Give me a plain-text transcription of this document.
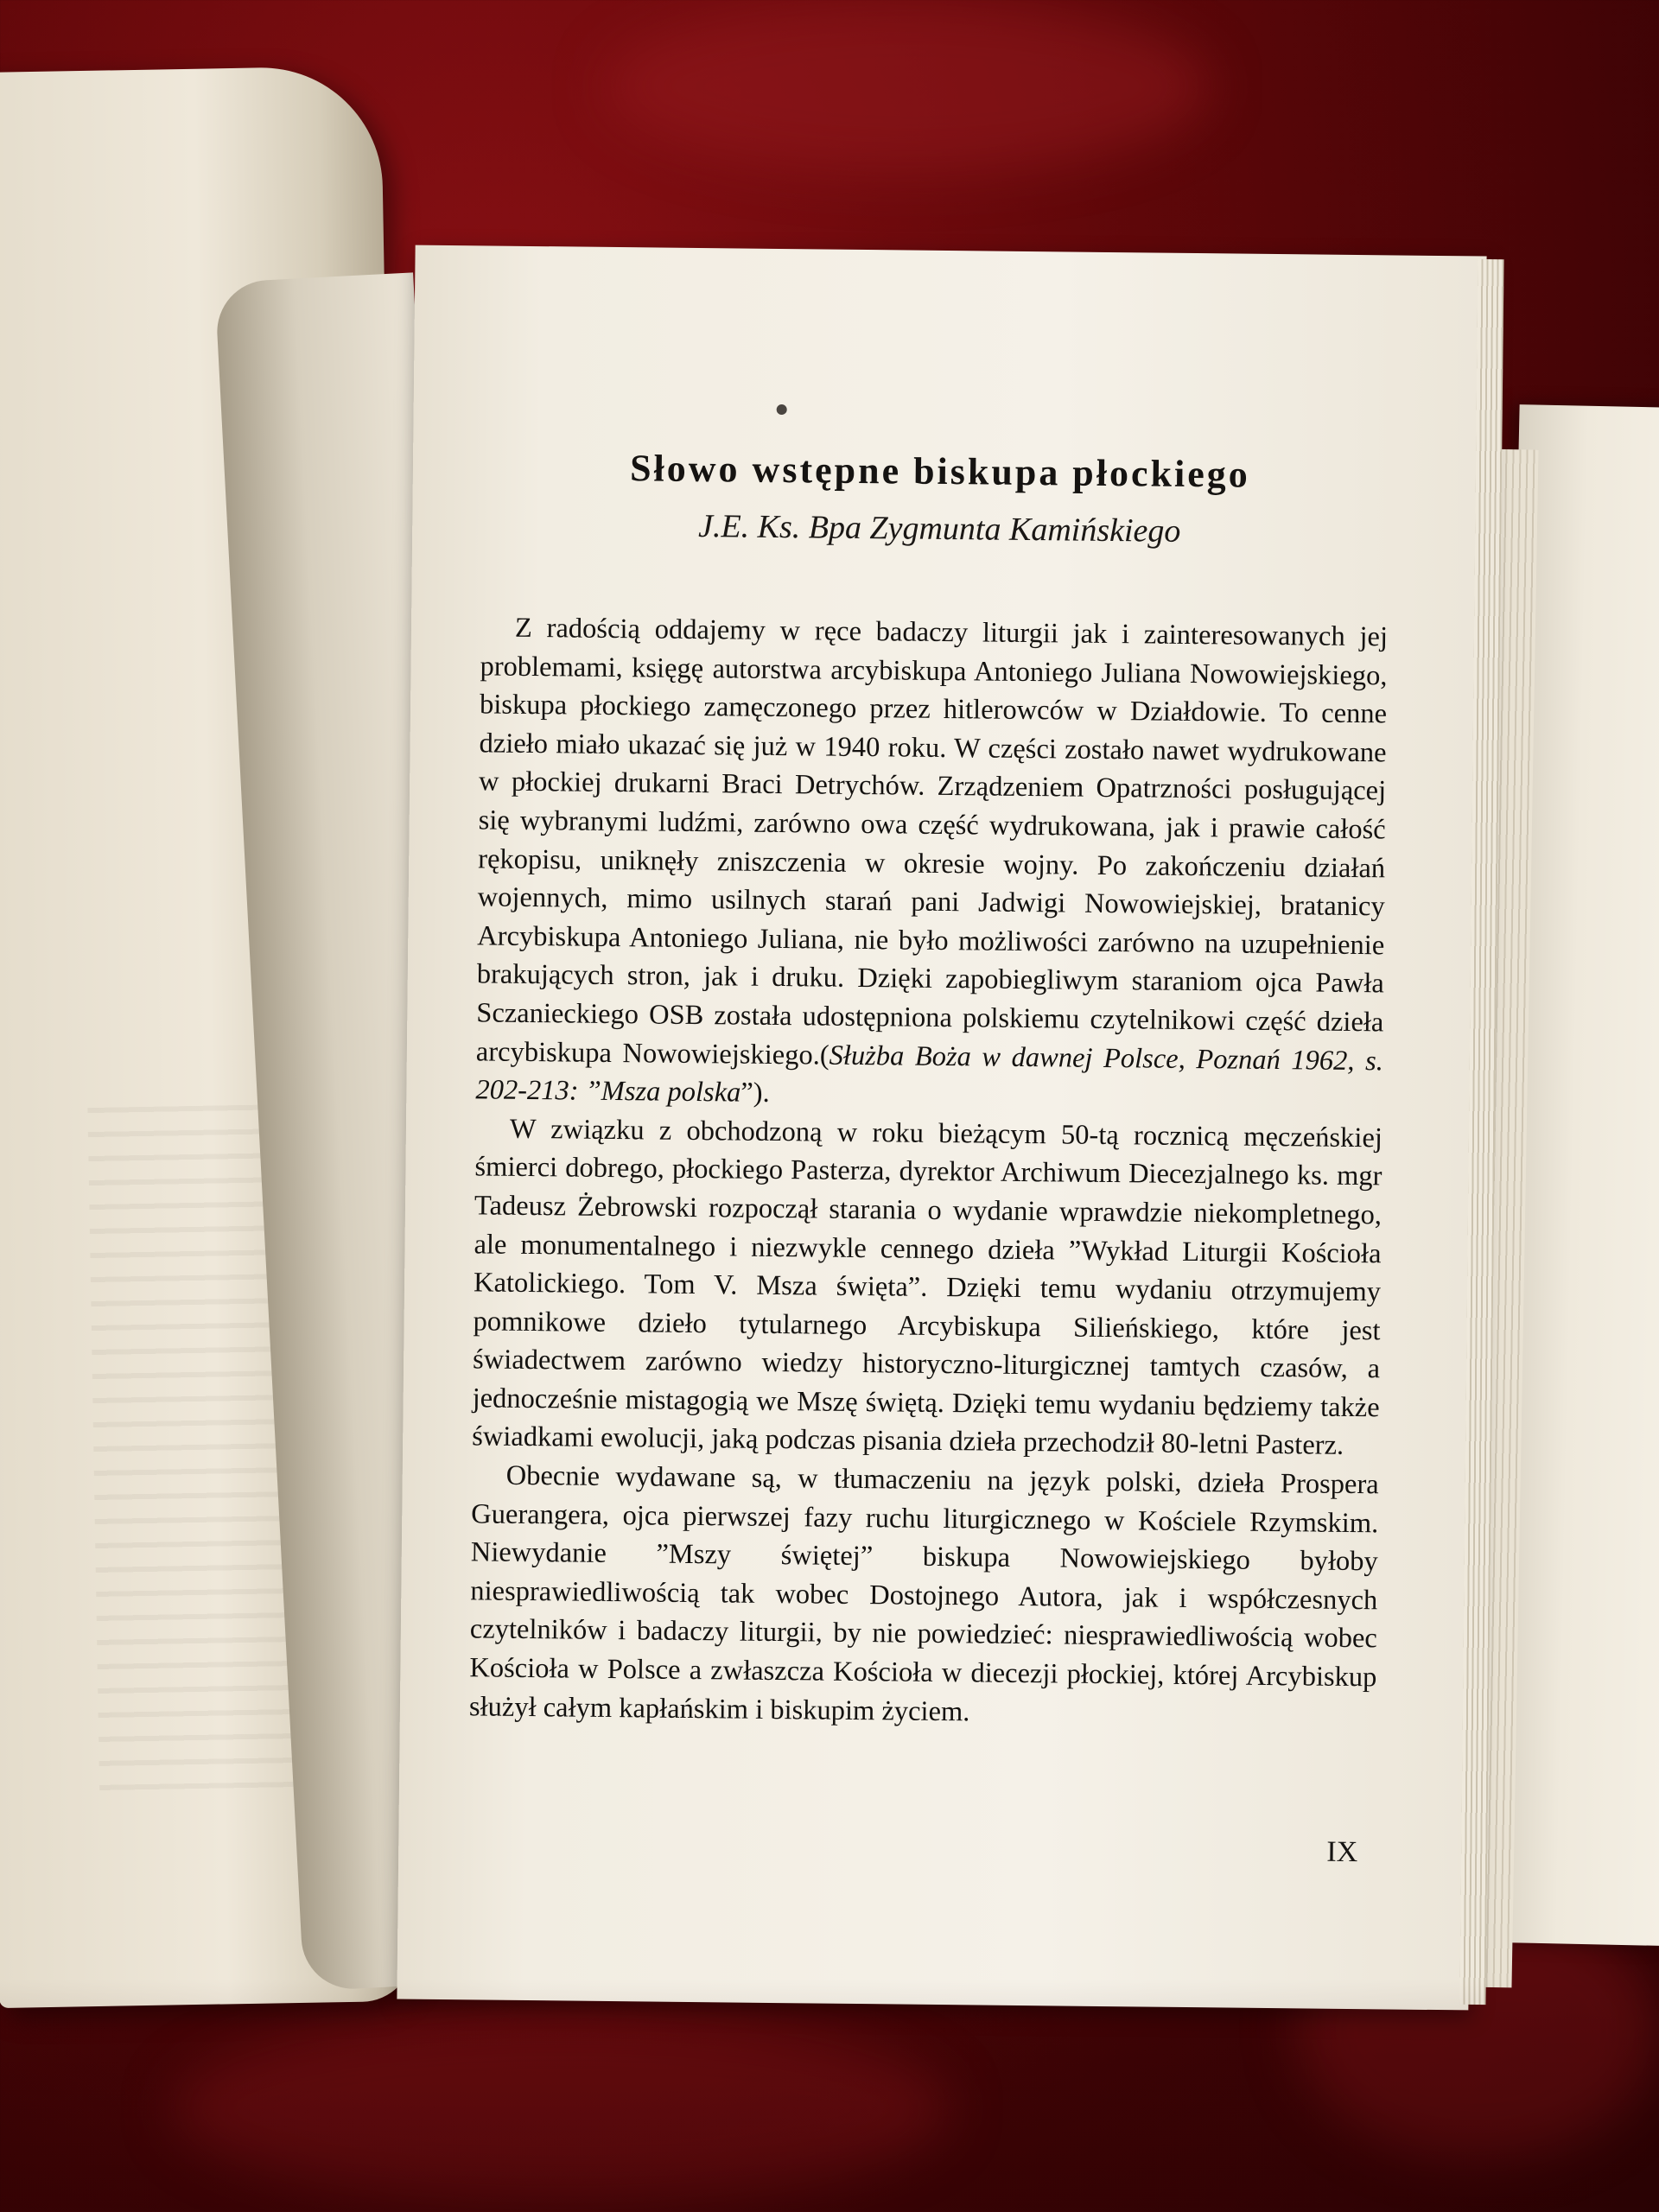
Słowo wstępne biskupa płockiego
J.E. Ks. Bpa Zygmunta Kamińskiego

Z radością oddajemy w ręce badaczy liturgii jak i zainteresowanych jej problemami, księgę autorstwa arcybiskupa Antoniego Juliana Nowowiejskiego, biskupa płockiego zamęczonego przez hitlerowców w Działdowie. To cenne dzieło miało ukazać się już w 1940 roku. W części zostało nawet wydrukowane w płockiej drukarni Braci Detrychów. Zrządzeniem Opatrzności posługującej się wybranymi ludźmi, zarówno owa część wydrukowana, jak i prawie całość rękopisu, uniknęły zniszczenia w okresie wojny. Po zakończeniu działań wojennych, mimo usilnych starań pani Jadwigi Nowowiejskiej, bratanicy Arcybiskupa Antoniego Juliana, nie było możliwości zarówno na uzupełnienie brakujących stron, jak i druku. Dzięki zapobiegliwym staraniom ojca Pawła Sczanieckiego OSB została udostępniona polskiemu czytelnikowi część dzieła arcybiskupa Nowowiejskiego.(Służba Boża w dawnej Polsce, Poznań 1962, s. 202-213: ”Msza polska”).

W związku z obchodzoną w roku bieżącym 50-tą rocznicą męczeńskiej śmierci dobrego, płockiego Pasterza, dyrektor Archiwum Diecezjalnego ks. mgr Tadeusz Żebrowski rozpoczął starania o wydanie wprawdzie niekompletnego, ale monumentalnego i niezwykle cennego dzieła ”Wykład Liturgii Kościoła Katolickiego. Tom V. Msza święta”. Dzięki temu wydaniu otrzymujemy pomnikowe dzieło tytularnego Arcybiskupa Silieńskiego, które jest świadectwem zarówno wiedzy historyczno-liturgicznej tamtych czasów, a jednocześnie mistagogią we Mszę świętą. Dzięki temu wydaniu będziemy także świadkami ewolucji, jaką podczas pisania dzieła przechodził 80-letni Pasterz.

Obecnie wydawane są, w tłumaczeniu na język polski, dzieła Prospera Guerangera, ojca pierwszej fazy ruchu liturgicznego w Kościele Rzymskim. Niewydanie ”Mszy świętej” biskupa Nowowiejskiego byłoby niesprawiedliwością tak wobec Dostojnego Autora, jak i współczesnych czytelników i badaczy liturgii, by nie powiedzieć: niesprawiedliwością wobec Kościoła w Polsce a zwłaszcza Kościoła w diecezji płockiej, której Arcybiskup służył całym kapłańskim i biskupim życiem.

IX
